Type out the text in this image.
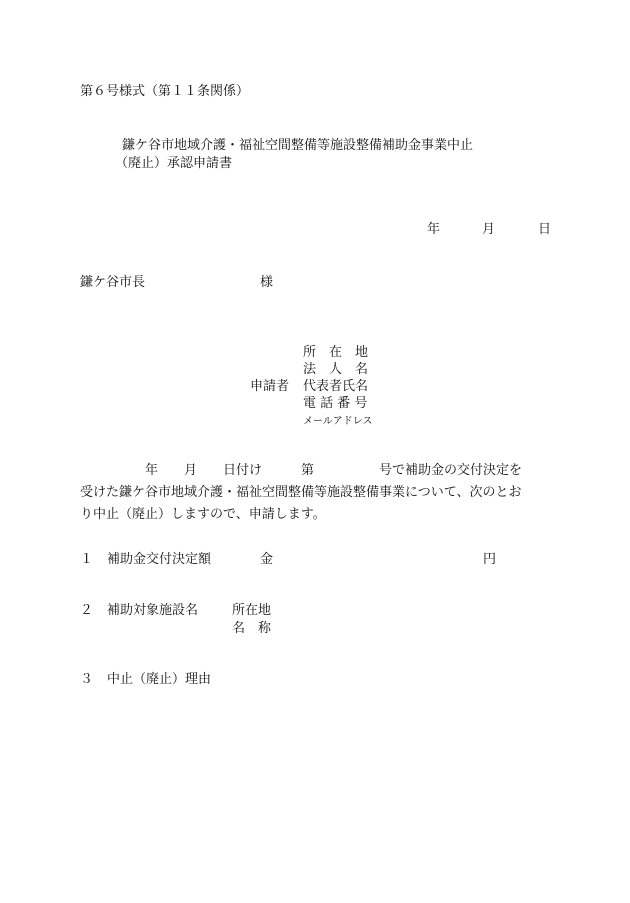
第６号様式（第１１条関係）
鎌ケ谷市地域介護・福祉空間整備等施設整備補助金事業中止
（廃止）承認申請書
年	月	日
鎌ケ谷市長	様
所　在　地
法　人　名
申請者 代表者氏名
電 話 番 号
メールアドレス
　　　　　年　　月　　日付け　　　第　　　　　号で補助金の交付決定を
受けた鎌ケ谷市地域介護・福祉空間整備等施設整備事業について、次のとお
り中止（廃止）しますので、申請します。
１ 補助金交付決定額	金	円
２ 補助対象施設名	所在地
名　称
３ 中止（廃止）理由
